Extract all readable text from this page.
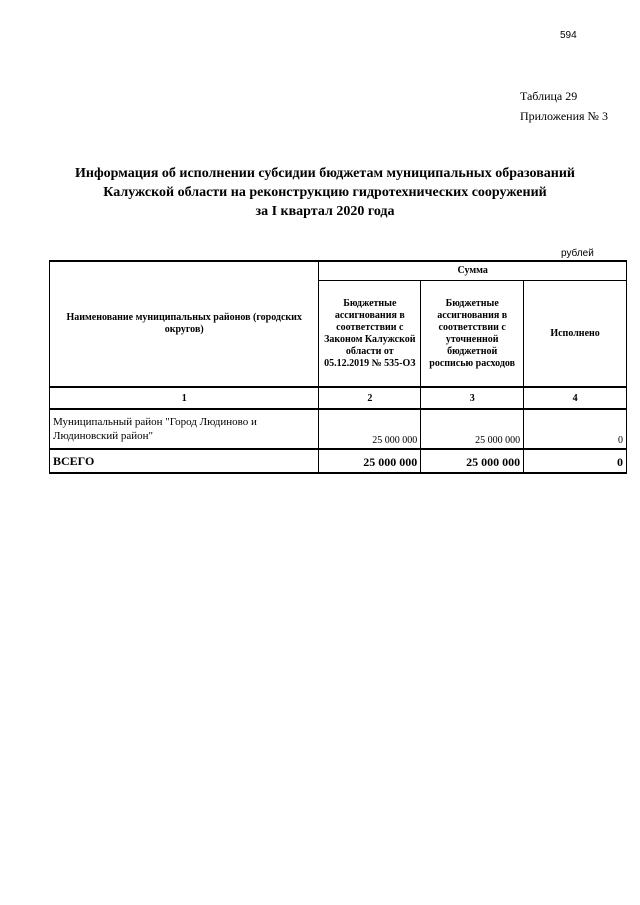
594
Таблица 29
Приложения № 3
Информация об исполнении субсидии бюджетам муниципальных образований
Калужской области на реконструкцию гидротехнических сооружений
за I квартал 2020 года
рублей
Наименование муниципальных районов (городских округов)	Сумма		
	Бюджетные ассигнования в соответствии с Законом Калужской области от 05.12.2019 № 535-ОЗ	Бюджетные ассигнования в соответствии с уточненной бюджетной росписью расходов	Исполнено
1	2	3	4
Муниципальный район "Город Людиново и Людиновский район"	25 000 000	25 000 000	0
ВСЕГО	25 000 000	25 000 000	0
